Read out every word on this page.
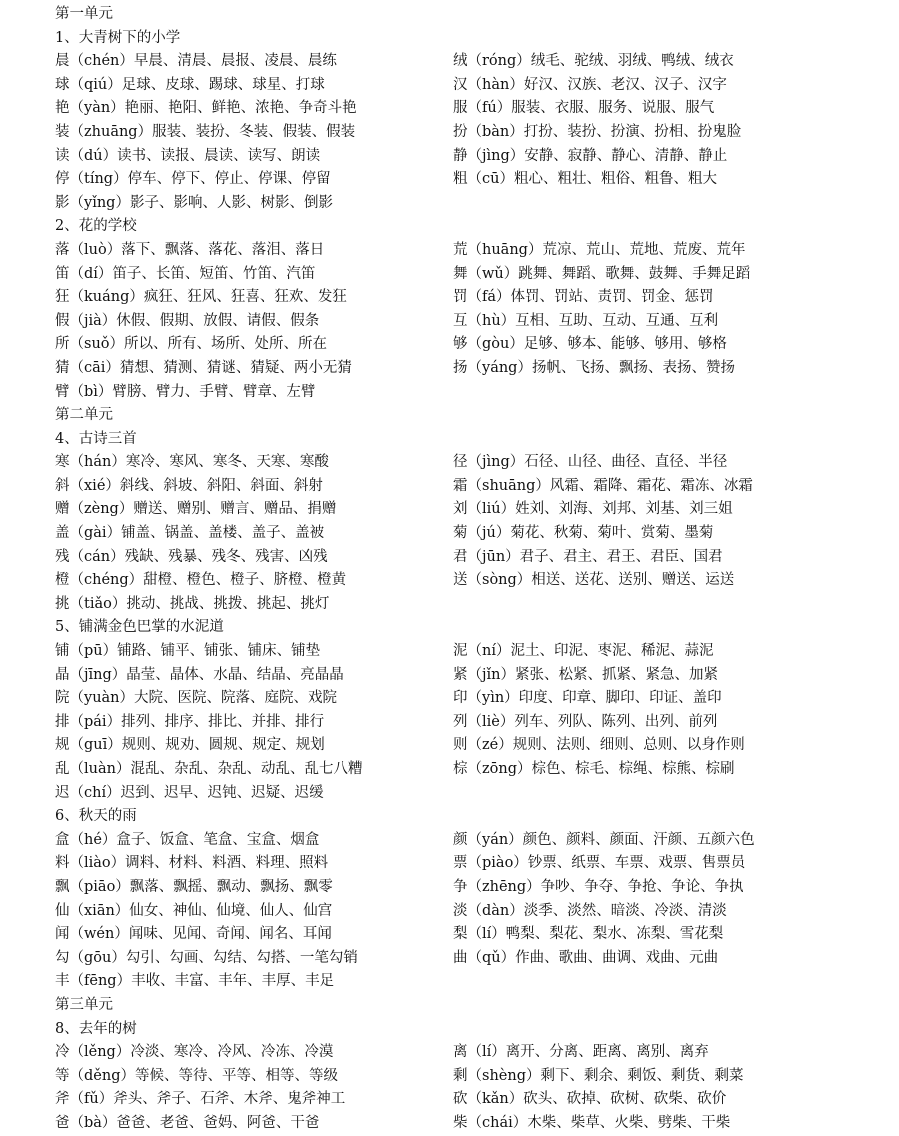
第一单元
1、大青树下的小学
晨（chén）早晨、清晨、晨报、凌晨、晨练	绒（róng）绒毛、驼绒、羽绒、鸭绒、绒衣
球（qiú）足球、皮球、踢球、球星、打球	汉（hàn）好汉、汉族、老汉、汉子、汉字
艳（yàn）艳丽、艳阳、鲜艳、浓艳、争奇斗艳	服（fú）服装、衣服、服务、说服、服气
装（zhuāng）服装、装扮、冬装、假装、假装	扮（bàn）打扮、装扮、扮演、扮相、扮鬼脸
读（dú）读书、读报、晨读、读写、朗读	静（jìng）安静、寂静、静心、清静、静止
停（tíng）停车、停下、停止、停课、停留	粗（cū）粗心、粗壮、粗俗、粗鲁、粗大
影（yǐng）影子、影响、人影、树影、倒影
2、花的学校
落（luò）落下、飘落、落花、落泪、落日	荒（huāng）荒凉、荒山、荒地、荒废、荒年
笛（dí）笛子、长笛、短笛、竹笛、汽笛	舞（wǔ）跳舞、舞蹈、歌舞、鼓舞、手舞足蹈
狂（kuáng）疯狂、狂风、狂喜、狂欢、发狂	罚（fá）体罚、罚站、责罚、罚金、惩罚
假（jià）休假、假期、放假、请假、假条	互（hù）互相、互助、互动、互通、互利
所（suǒ）所以、所有、场所、处所、所在	够（gòu）足够、够本、能够、够用、够格
猜（cāi）猜想、猜测、猜谜、猜疑、两小无猜	扬（yáng）扬帆、飞扬、飘扬、表扬、赞扬
臂（bì）臂膀、臂力、手臂、臂章、左臂
第二单元
4、古诗三首
寒（hán）寒冷、寒风、寒冬、天寒、寒酸	径（jìng）石径、山径、曲径、直径、半径
斜（xié）斜线、斜坡、斜阳、斜面、斜射	霜（shuāng）风霜、霜降、霜花、霜冻、冰霜
赠（zèng）赠送、赠别、赠言、赠品、捐赠	刘（liú）姓刘、刘海、刘邦、刘基、刘三姐
盖（gài）铺盖、锅盖、盖楼、盖子、盖被	菊（jú）菊花、秋菊、菊叶、赏菊、墨菊
残（cán）残缺、残暴、残冬、残害、凶残	君（jūn）君子、君主、君王、君臣、国君
橙（chéng）甜橙、橙色、橙子、脐橙、橙黄	送（sòng）相送、送花、送别、赠送、运送
挑（tiǎo）挑动、挑战、挑拨、挑起、挑灯
5、铺满金色巴掌的水泥道
铺（pū）铺路、铺平、铺张、铺床、铺垫	泥（ní）泥土、印泥、枣泥、稀泥、蒜泥
晶（jīng）晶莹、晶体、水晶、结晶、亮晶晶	紧（jǐn）紧张、松紧、抓紧、紧急、加紧
院（yuàn）大院、医院、院落、庭院、戏院	印（yìn）印度、印章、脚印、印证、盖印
排（pái）排列、排序、排比、并排、排行	列（liè）列车、列队、陈列、出列、前列
规（guī）规则、规劝、圆规、规定、规划	则（zé）规则、法则、细则、总则、以身作则
乱（luàn）混乱、杂乱、杂乱、动乱、乱七八糟	棕（zōng）棕色、棕毛、棕绳、棕熊、棕刷
迟（chí）迟到、迟早、迟钝、迟疑、迟缓
6、秋天的雨
盒（hé）盒子、饭盒、笔盒、宝盒、烟盒	颜（yán）颜色、颜料、颜面、汗颜、五颜六色
料（liào）调料、材料、料酒、料理、照料	票（piào）钞票、纸票、车票、戏票、售票员
飘（piāo）飘落、飘摇、飘动、飘扬、飘零	争（zhēng）争吵、争夺、争抢、争论、争执
仙（xiān）仙女、神仙、仙境、仙人、仙宫	淡（dàn）淡季、淡然、暗淡、冷淡、清淡
闻（wén）闻味、见闻、奇闻、闻名、耳闻	梨（lí）鸭梨、梨花、梨水、冻梨、雪花梨
勾（gōu）勾引、勾画、勾结、勾搭、一笔勾销	曲（qǔ）作曲、歌曲、曲调、戏曲、元曲
丰（fēng）丰收、丰富、丰年、丰厚、丰足
第三单元
8、去年的树
冷（lěng）冷淡、寒冷、冷风、冷冻、冷漠	离（lí）离开、分离、距离、离别、离弃
等（děng）等候、等待、平等、相等、等级	剩（shèng）剩下、剩余、剩饭、剩货、剩菜
斧（fǔ）斧头、斧子、石斧、木斧、鬼斧神工	砍（kǎn）砍头、砍掉、砍树、砍柴、砍价
爸（bà）爸爸、老爸、爸妈、阿爸、干爸	柴（chái）木柴、柴草、火柴、劈柴、干柴
